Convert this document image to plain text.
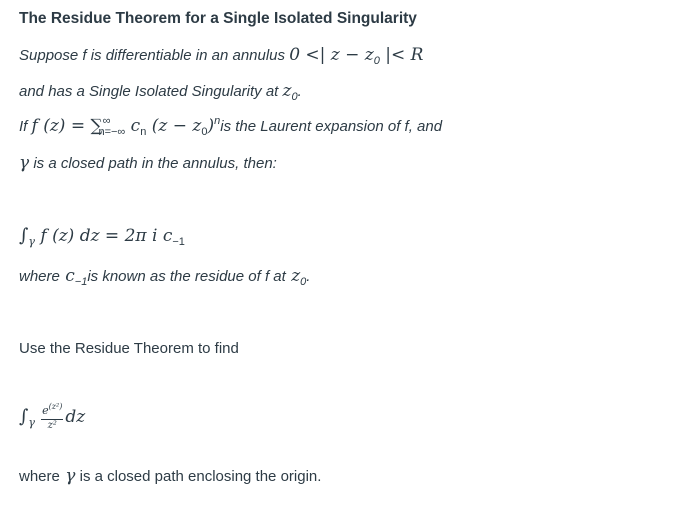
The Residue Theorem for a Single Isolated Singularity
Suppose f is differentiable in an annulus 0 <| $z - z_0$ |< R
and has a Single Isolated Singularity at $z_0$.
If f $(z) = \sum^\infty_{n=-\infty}$ $c_n$ $(z - z_0)^nis$ the Laurent expansion of f, and
γ is a closed path in the annulus, then:
$\int_\gamma$ f (z) dz = 2π i $c_{-1}$
where $c_{-1}is$ known as the residue of f at $z_0$.
Use the Residue Theorem to find
$\int_\gamma \frac{e^{(z^2)}}{\text{z²}}$ dz
where γ is a closed path enclosing the origin.
